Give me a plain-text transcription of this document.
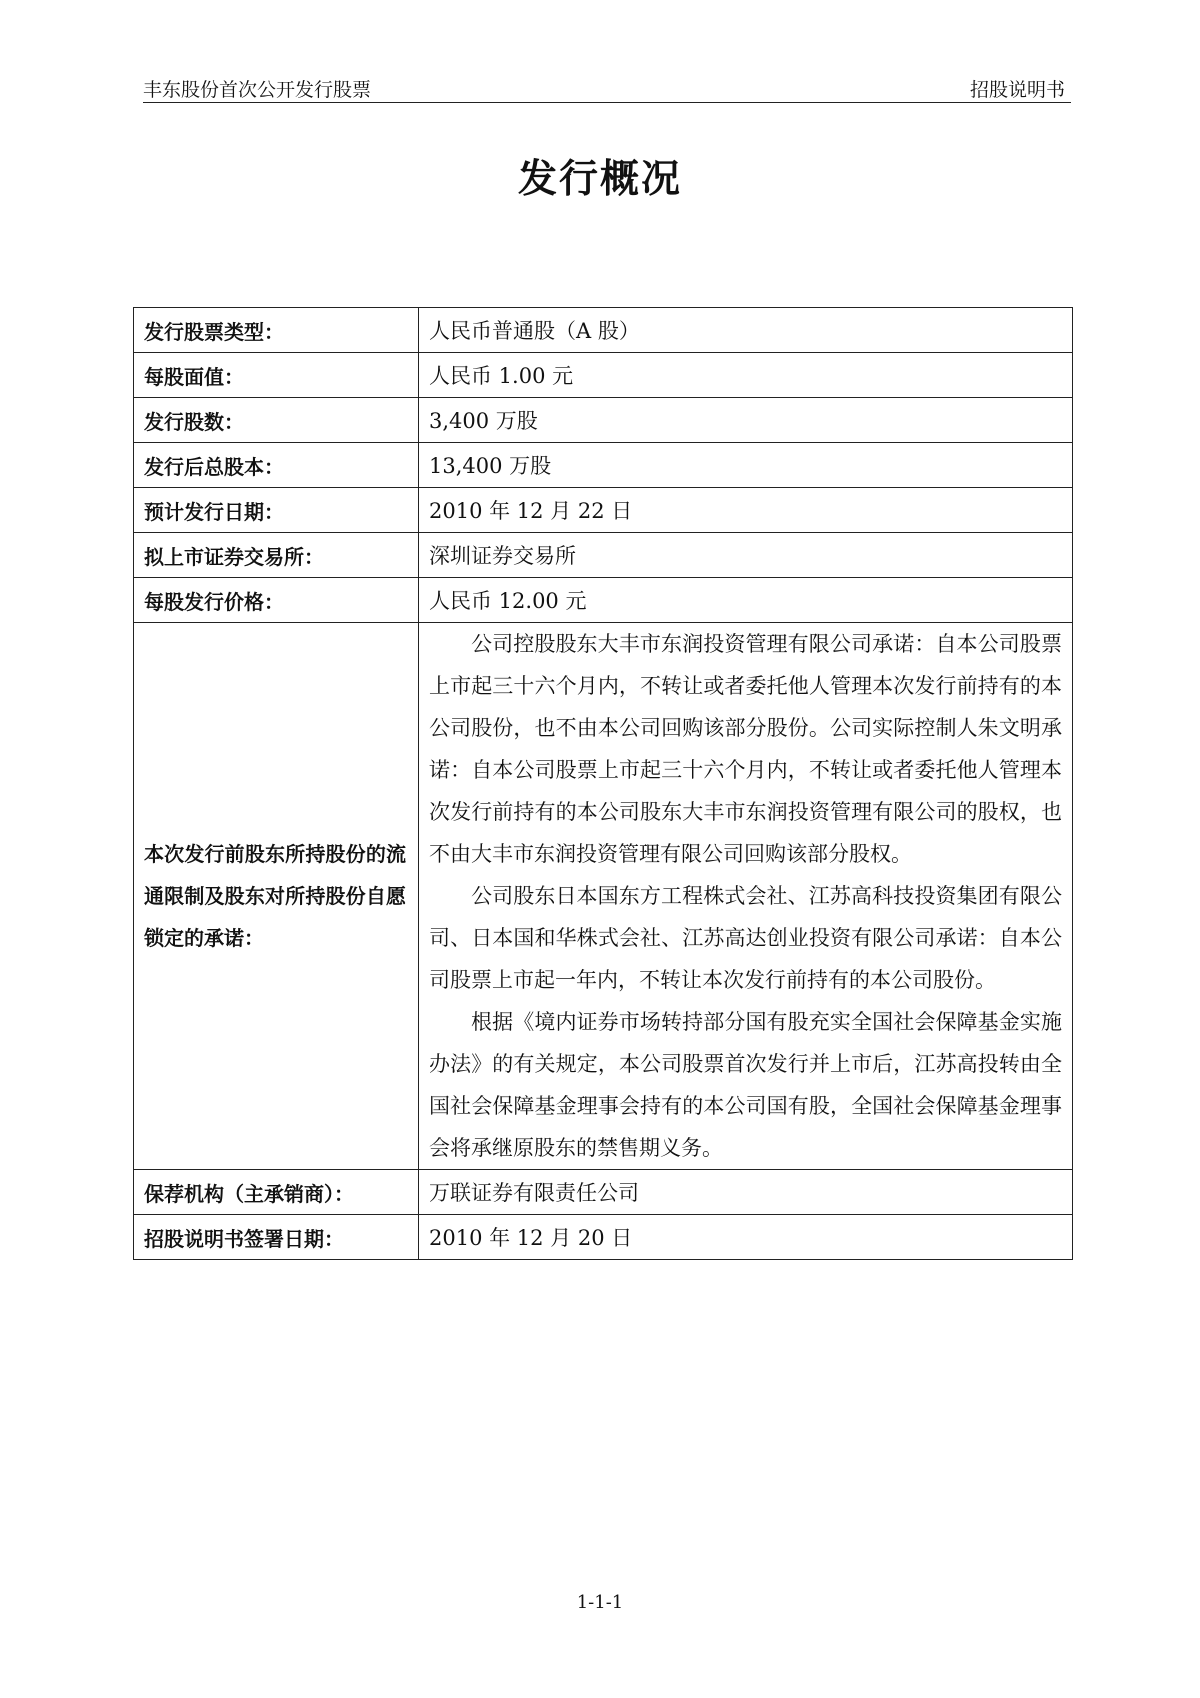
丰东股份首次公开发行股票	招股说明书
发行概况
发行股票类型：	人民币普通股（A 股）
每股面值：	人民币 1.00 元
发行股数：	3,400 万股
发行后总股本：	13,400 万股
预计发行日期：	2010 年 12 月 22 日
拟上市证券交易所：	深圳证券交易所
每股发行价格：	人民币 12.00 元
本次发行前股东所持股份的流通限制及股东对所持股份自愿锁定的承诺：	公司控股股东大丰市东润投资管理有限公司承诺：自本公司股票上市起三十六个月内，不转让或者委托他人管理本次发行前持有的本公司股份，也不由本公司回购该部分股份。公司实际控制人朱文明承诺：自本公司股票上市起三十六个月内，不转让或者委托他人管理本次发行前持有的本公司股东大丰市东润投资管理有限公司的股权，也不由大丰市东润投资管理有限公司回购该部分股权。

公司股东日本国东方工程株式会社、江苏高科技投资集团有限公司、日本国和华株式会社、江苏高达创业投资有限公司承诺：自本公司股票上市起一年内，不转让本次发行前持有的本公司股份。

根据《境内证券市场转持部分国有股充实全国社会保障基金实施办法》的有关规定，本公司股票首次发行并上市后，江苏高投转由全国社会保障基金理事会持有的本公司国有股，全国社会保障基金理事会将承继原股东的禁售期义务。

保荐机构（主承销商）：	万联证券有限责任公司
招股说明书签署日期：	2010 年 12 月 20 日
1-1-1
